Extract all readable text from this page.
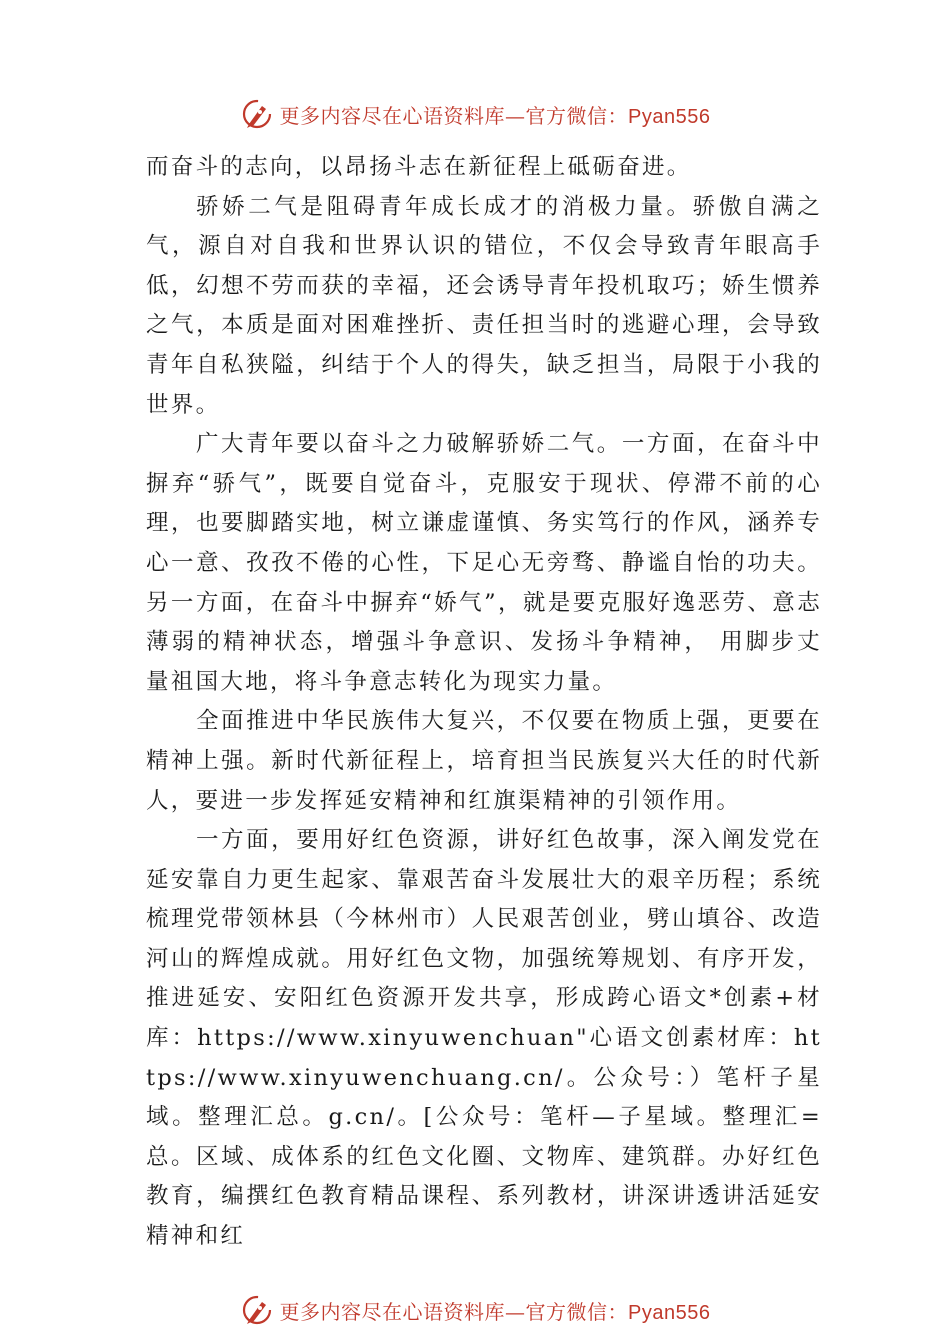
更多内容尽在心语资料库—官方微信：Pyan556

而奋斗的志向，以昂扬斗志在新征程上砥砺奋进。

骄娇二气是阻碍青年成长成才的消极力量。骄傲自满之气，源自对自我和世界认识的错位，不仅会导致青年眼高手低，幻想不劳而获的幸福，还会诱导青年投机取巧；娇生惯养之气，本质是面对困难挫折、责任担当时的逃避心理，会导致青年自私狭隘，纠结于个人的得失，缺乏担当，局限于小我的世界。

广大青年要以奋斗之力破解骄娇二气。一方面，在奋斗中摒弃“骄气”，既要自觉奋斗，克服安于现状、停滞不前的心理，也要脚踏实地，树立谦虚谨慎、务实笃行的作风，涵养专心一意、孜孜不倦的心性，下足心无旁骛、静谧自怡的功夫。另一方面，在奋斗中摒弃“娇气”，就是要克服好逸恶劳、意志薄弱的精神状态，增强斗争意识、发扬斗争精神， 用脚步丈量祖国大地，将斗争意志转化为现实力量。

全面推进中华民族伟大复兴，不仅要在物质上强，更要在精神上强。新时代新征程上，培育担当民族复兴大任的时代新人，要进一步发挥延安精神和红旗渠精神的引领作用。

一方面，要用好红色资源，讲好红色故事，深入阐发党在延安靠自力更生起家、靠艰苦奋斗发展壮大的艰辛历程；系统梳理党带领林县（今林州市）人民艰苦创业，劈山填谷、改造河山的辉煌成就。用好红色文物，加强统筹规划、有序开发，推进延安、安阳红色资源开发共享，形成跨心语文*创素+材库：https://www.xinyuwenchuan"心语文创素材库：https://www.xinyuwenchuang.cn/。公众号：）笔杆子星域。整理汇总。g.cn/。[公众号：笔杆—子星域。整理汇=总。区域、成体系的红色文化圈、文物库、建筑群。办好红色教育，编撰红色教育精品课程、系列教材，讲深讲透讲活延安精神和红

更多内容尽在心语资料库—官方微信：Pyan556
